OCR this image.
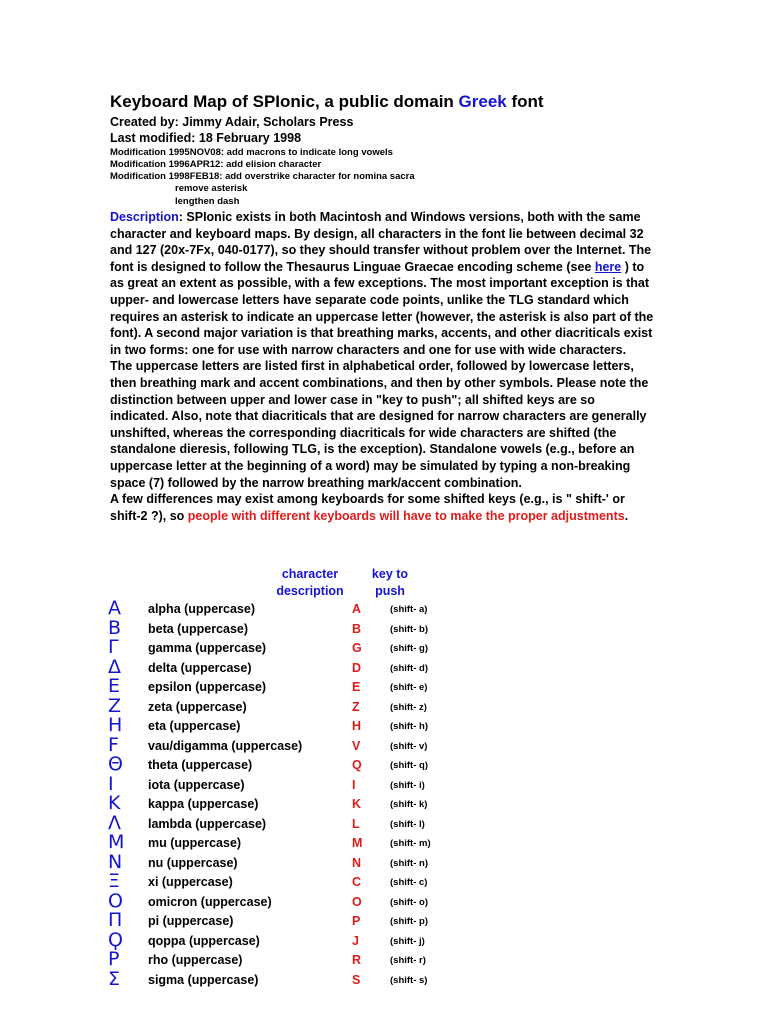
Keyboard Map of SPIonic, a public domain Greek font
Created by: Jimmy Adair, Scholars Press
Last modified: 18 February 1998
Modification 1995NOV08: add macrons to indicate long vowels
Modification 1996APR12: add elision character
Modification 1998FEB18: add overstrike character for nomina sacra
remove asterisk
lengthen dash

Description: SPIonic exists in both Macintosh and Windows versions, both with the same character and keyboard maps. By design, all characters in the font lie between decimal 32 and 127 (20x-7Fx, 040-0177), so they should transfer without problem over the Internet. The font is designed to follow the Thesaurus Linguae Graecae encoding scheme (see here ) to as great an extent as possible, with a few exceptions. The most important exception is that upper- and lowercase letters have separate code points, unlike the TLG standard which requires an asterisk to indicate an uppercase letter (however, the asterisk is also part of the font). A second major variation is that breathing marks, accents, and other diacriticals exist in two forms: one for use with narrow characters and one for use with wide characters.

The uppercase letters are listed first in alphabetical order, followed by lowercase letters, then breathing mark and accent combinations, and then by other symbols. Please note the distinction between upper and lower case in "key to push"; all shifted keys are so indicated. Also, note that diacriticals that are designed for narrow characters are generally unshifted, whereas the corresponding diacriticals for wide characters are shifted (the standalone dieresis, following TLG, is the exception). Standalone vowels (e.g., before an uppercase letter at the beginning of a word) may be simulated by typing a non-breaking space (7) followed by the narrow breathing mark/accent combination.

A few differences may exist among keyboards for some shifted keys (e.g., is " shift-' or shift-2 ?), so people with different keyboards will have to make the proper adjustments.

character
description
key to
push
Α alpha (uppercase)	A	(shift- a)
Β beta (uppercase)	B	(shift- b)
Γ gamma (uppercase)	G	(shift- g)
Δ delta (uppercase)	D	(shift- d)
Ε epsilon (uppercase)	E	(shift- e)
Ζ zeta (uppercase)	Z	(shift- z)
Η eta (uppercase)	H	(shift- h)
Ϝ vau/digamma (uppercase)	V	(shift- v)
Θ theta (uppercase)	Q	(shift- q)
Ι	iota (uppercase)	I	(shift- i)
Κ kappa (uppercase)	K	(shift- k)
Λ lambda (uppercase)	L	(shift- l)
Μ mu (uppercase)	M	(shift- m)
Ν nu (uppercase)	N	(shift- n)
Ξ xi (uppercase)	C	(shift- c)
Ο omicron (uppercase)	O	(shift- o)
Π pi (uppercase)	P	(shift- p)
Ϙ qoppa (uppercase)	J	(shift- j)
Ρ rho (uppercase)	R	(shift- r)
Σ sigma (uppercase)	S	(shift- s)
